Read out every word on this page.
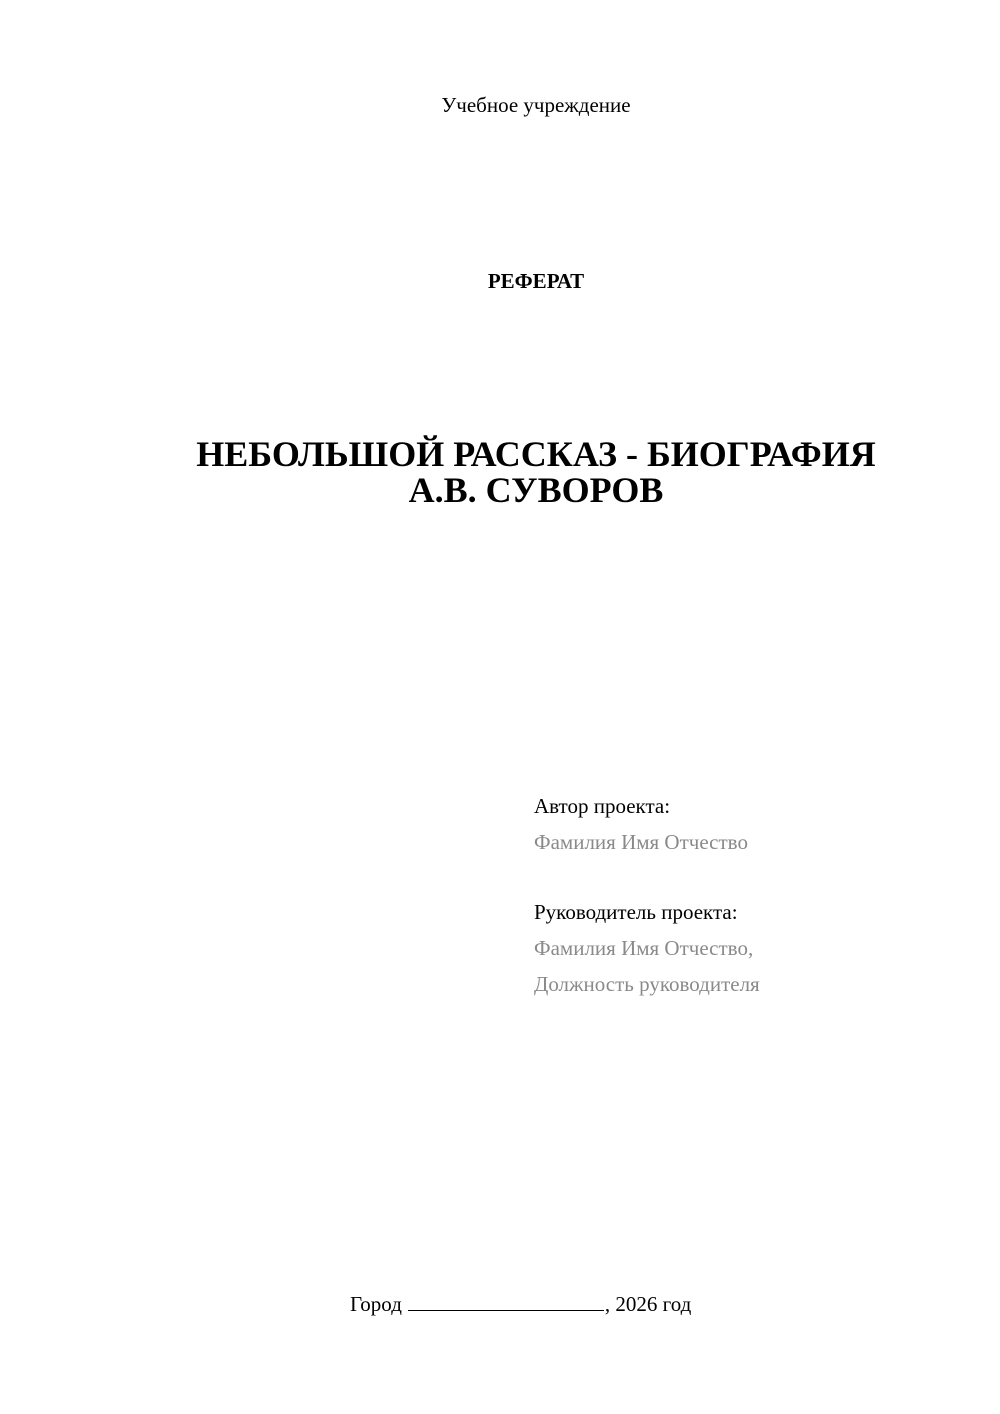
Учебное учреждение
РЕФЕРАТ
НЕБОЛЬШОЙ РАССКАЗ - БИОГРАФИЯ
А.В. СУВОРОВ
Автор проекта:
Фамилия Имя Отчество
Руководитель проекта:
Фамилия Имя Отчество,
Должность руководителя
Город	, 2026 год
